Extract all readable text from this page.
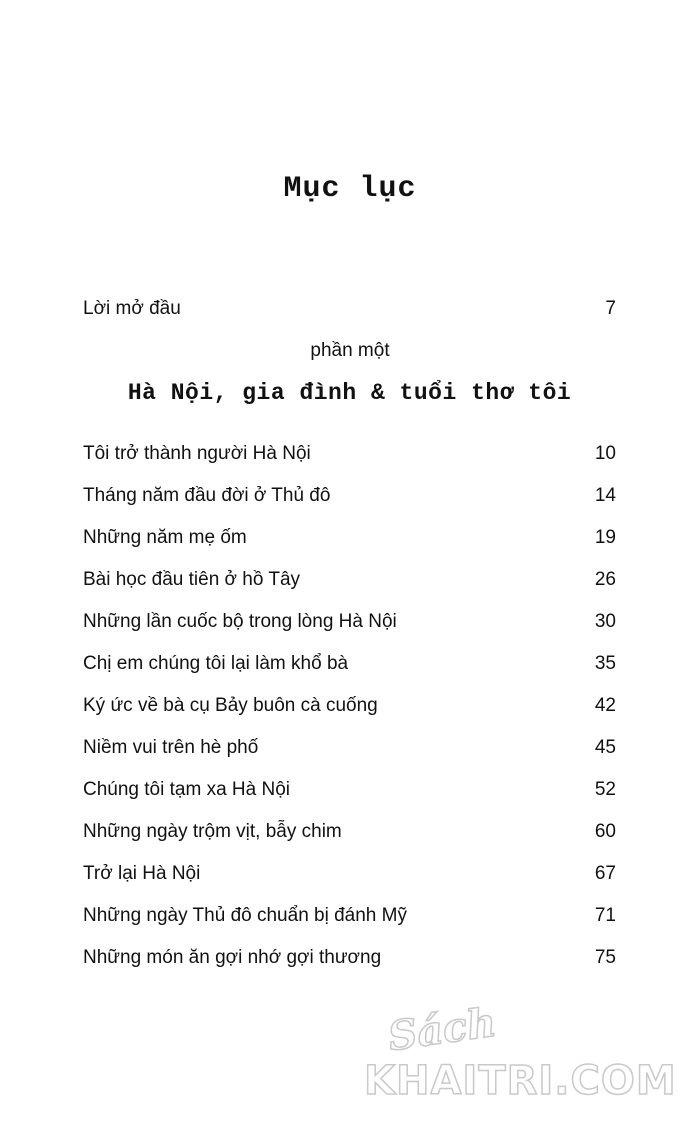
Mục lục
Lời mở đầu	7
phần một
Hà Nội, gia đình & tuổi thơ tôi
Tôi trở thành người Hà Nội	10
Tháng năm đầu đời ở Thủ đô	14
Những năm mẹ ốm	19
Bài học đầu tiên ở hồ Tây	26
Những lần cuốc bộ trong lòng Hà Nội	30
Chị em chúng tôi lại làm khổ bà	35
Ký ức về bà cụ Bảy buôn cà cuống	42
Niềm vui trên hè phố	45
Chúng tôi tạm xa Hà Nội	52
Những ngày trộm vịt, bẫy chim	60
Trở lại Hà Nội	67
Những ngày Thủ đô chuẩn bị đánh Mỹ	71
Những món ăn gợi nhớ gợi thương	75
Sách
KHAITRI.COM
